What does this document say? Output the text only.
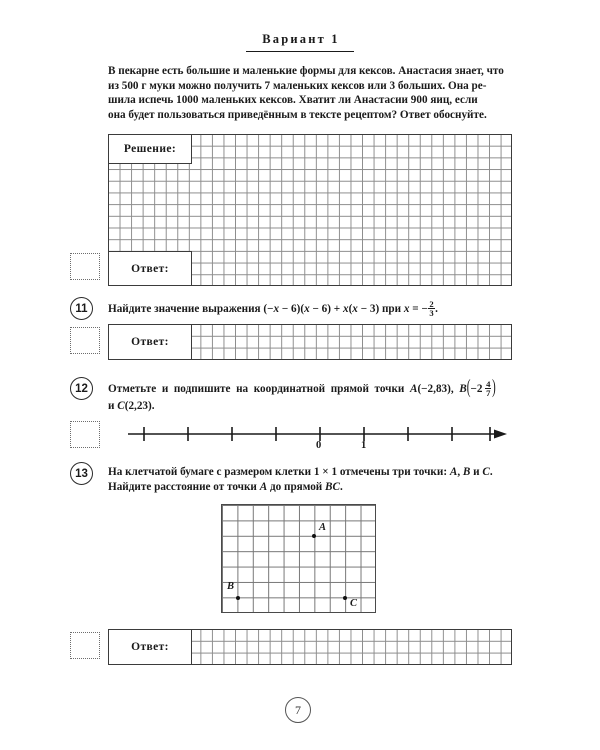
Вариант 1
В пекарне есть большие и маленькие формы для кексов. Анастасия знает, что
из 500 г муки можно получить 7 маленьких кексов или 3 больших. Она ре-
шила испечь 1000 маленьких кексов. Хватит ли Анастасии 900 яиц, если
она будет пользоваться приведённым в тексте рецептом? Ответ обоснуйте.
Решение:
Ответ:
11 Найдите значение выражения (−x − 6)(x − 6) + x(x − 3) при x = − $\frac{2}{3}$ .
Ответ:
12 Отметьте  и  подпишите  на  координатной  прямой  точки  A(−2,83),  $B(-2 \frac{4}{7}$ )
и C(2,23).
0	1
13 На клетчатой бумаге с размером клетки 1 × 1 отмечены три точки: A, B и C.
Найдите расстояние от точки A до прямой BC.
A
B
C
Ответ:
7
